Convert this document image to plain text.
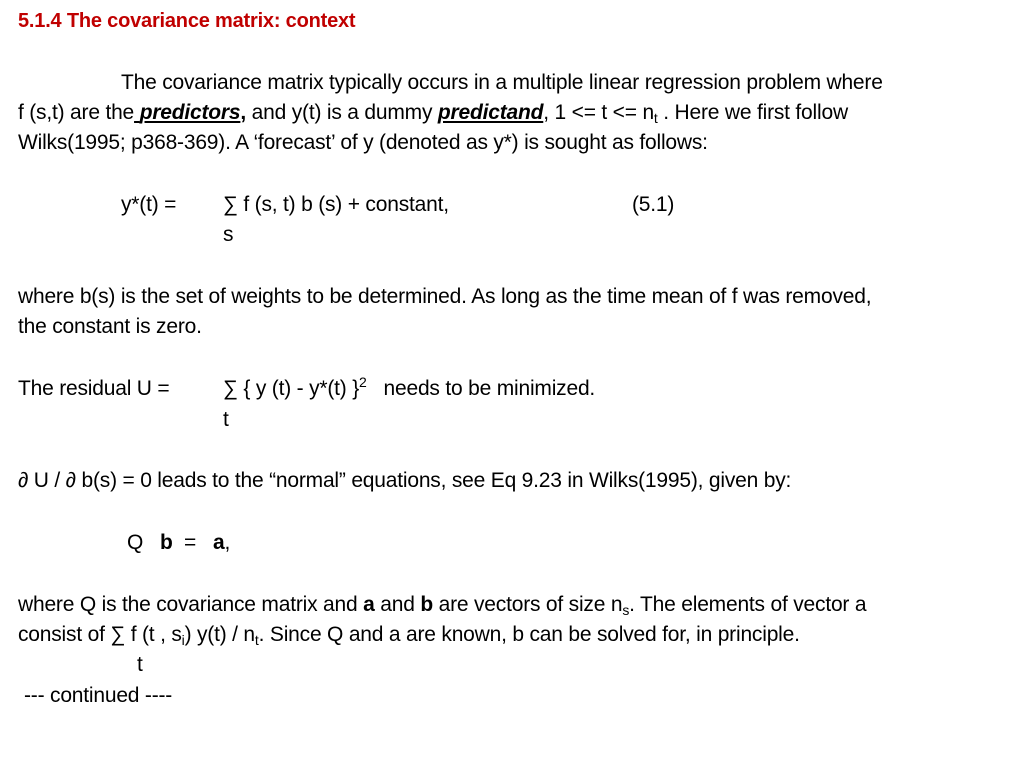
5.1.4 The covariance matrix: context
The covariance matrix typically occurs in a multiple linear regression problem where
f (s,t) are the predictors, and y(t) is a dummy predictand, $1 <= t <= n_t$ . Here we first follow
Wilks(1995; p368-369). A ‘forecast’ of y (denoted as y*) is sought as follows:
y*(t) = ∑ f (s, t) b (s) + constant,	(5.1)
s
where b(s) is the set of weights to be determined. As long as the time mean of f was removed,
the constant is zero.
The residual U =	∑ { y (t) - y*(t) }$^2$ needs to be minimized.
t
∂ U / ∂ b(s) = 0 leads to the “normal” equations, see Eq 9.23 in Wilks(1995), given by:
Q b = a,
where Q is the covariance matrix and a and b are vectors of size $n_s$. The elements of vector a
consist of ∑ f (t , $s_i$) $y(t) / n_t$. Since Q and a are known, b can be solved for, in principle.
t
--- continued ----
